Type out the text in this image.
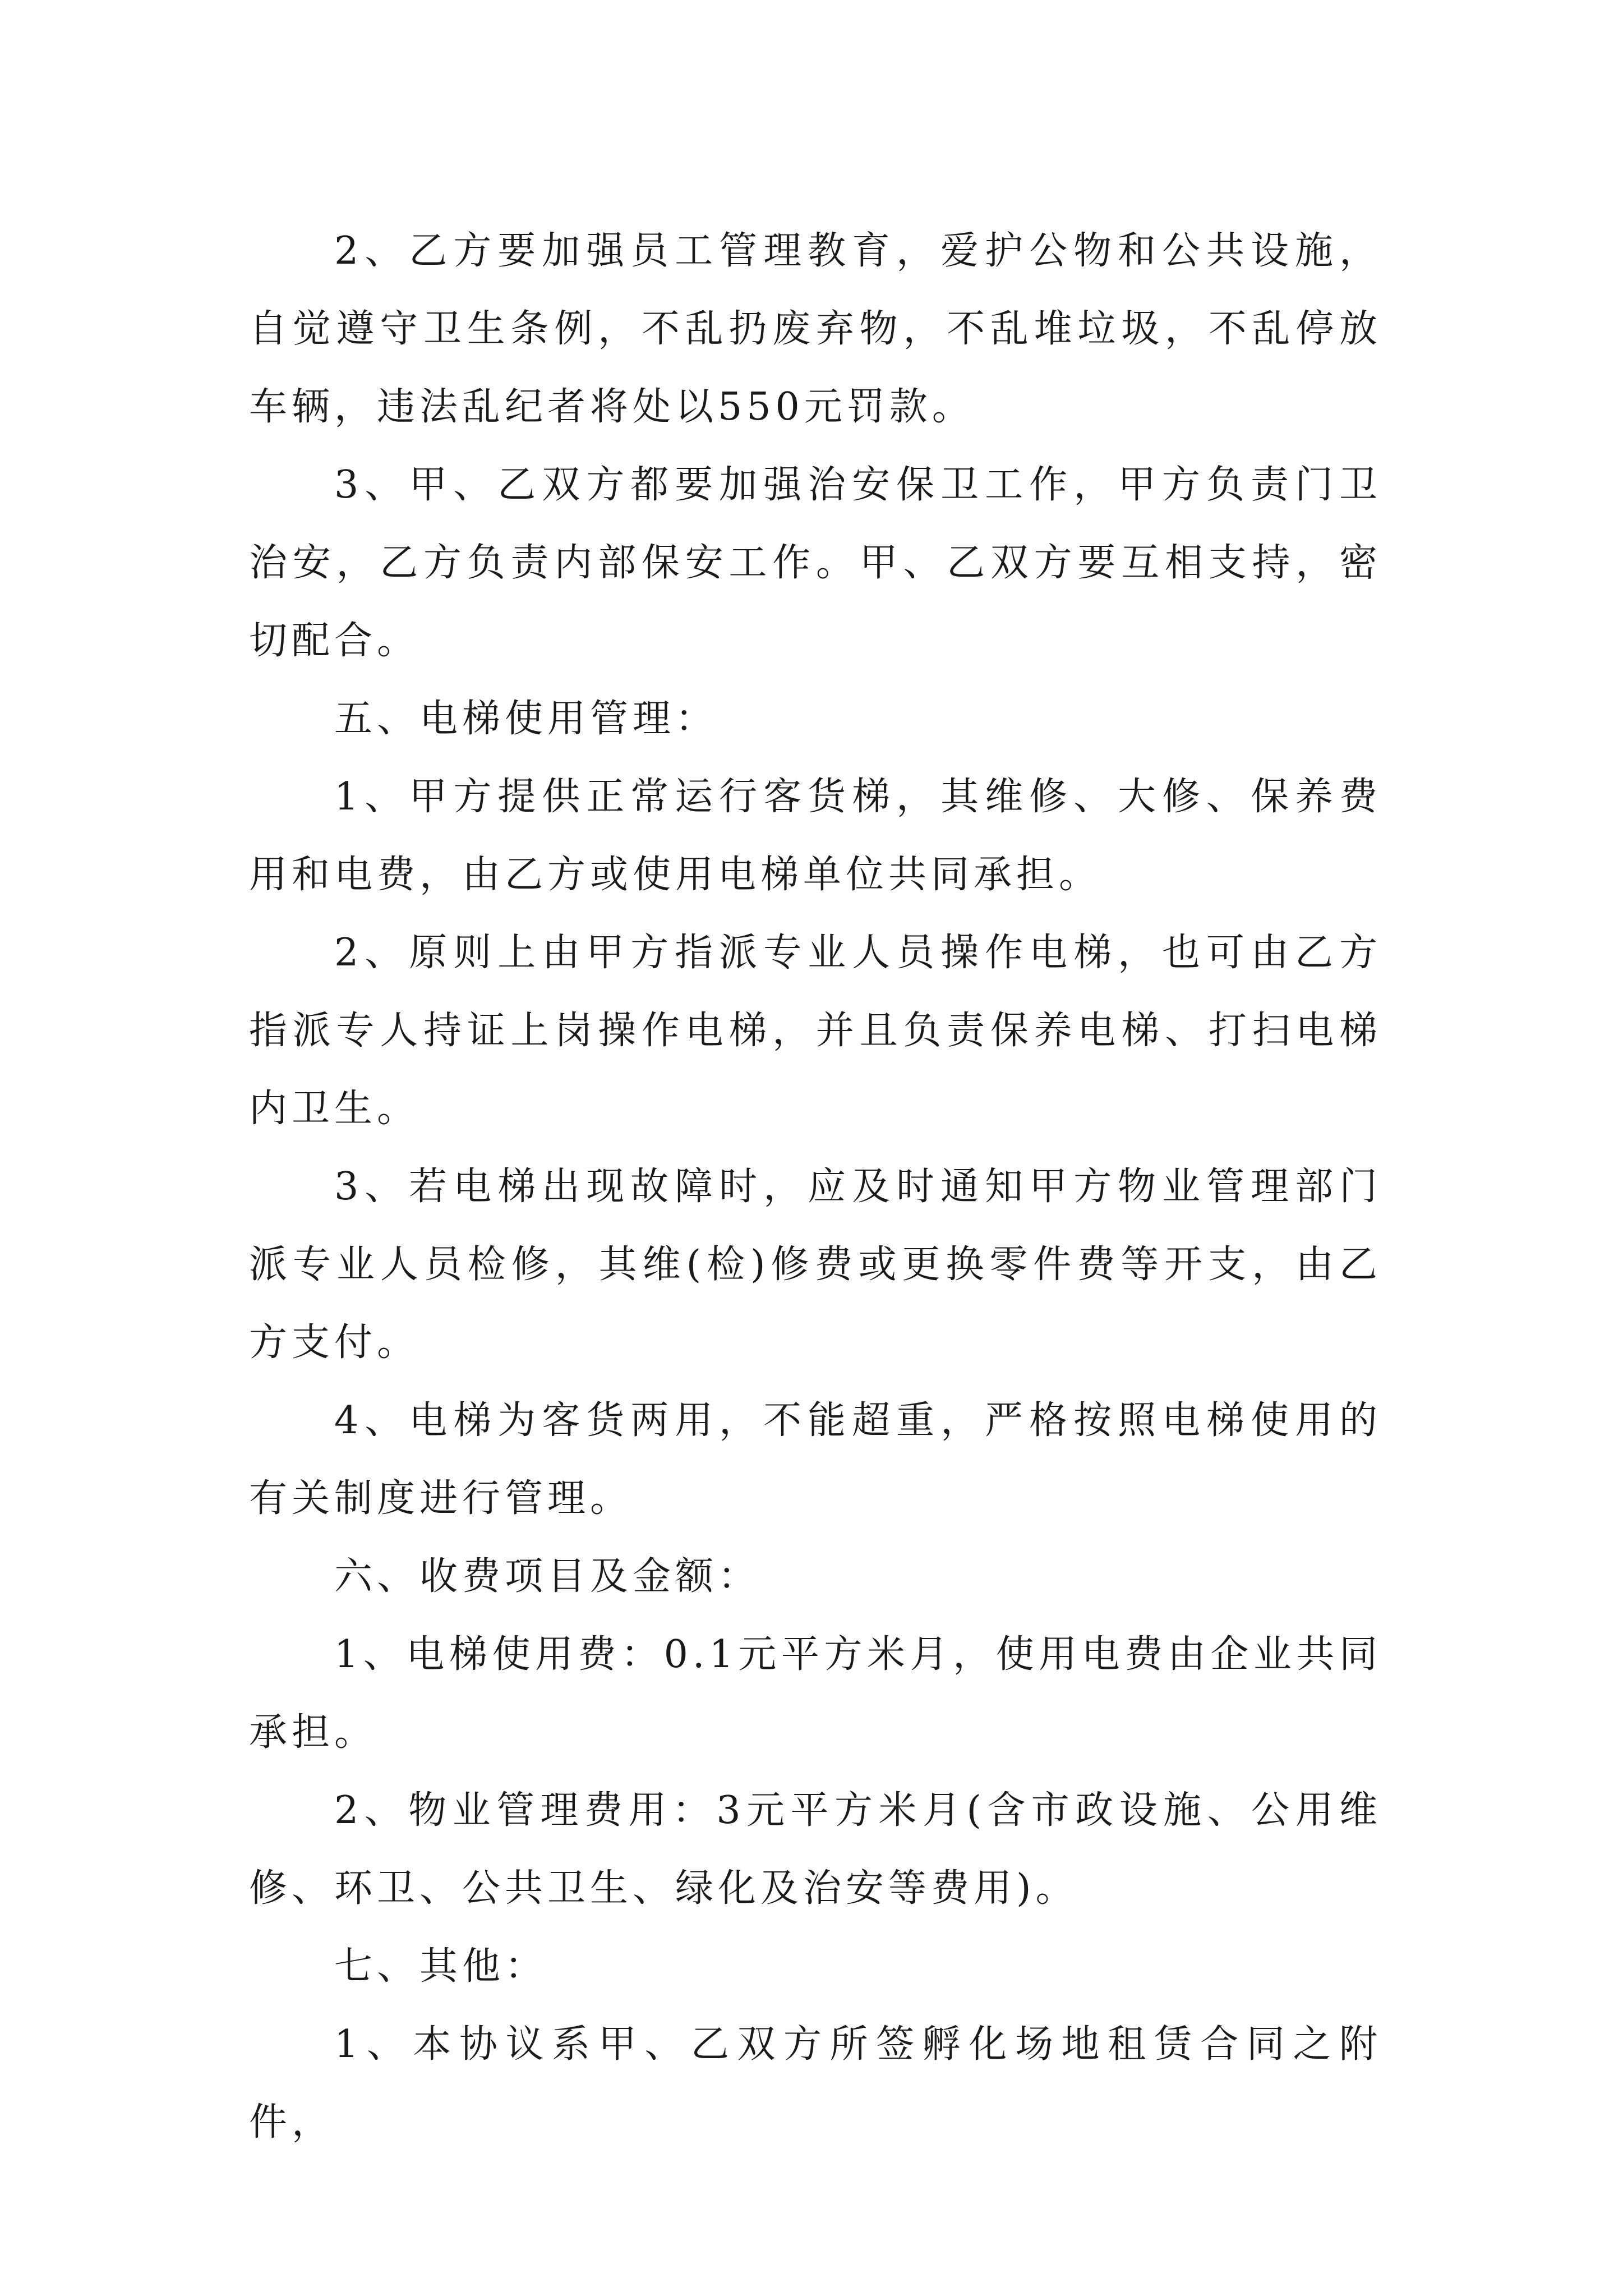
2、乙方要加强员工管理教育，爱护公物和公共设施，自觉遵守卫生条例，不乱扔废弃物，不乱堆垃圾，不乱停放车辆，违法乱纪者将处以550元罚款。

3、甲、乙双方都要加强治安保卫工作，甲方负责门卫治安，乙方负责内部保安工作。甲、乙双方要互相支持，密切配合。

五、电梯使用管理：

1、甲方提供正常运行客货梯，其维修、大修、保养费用和电费，由乙方或使用电梯单位共同承担。

2、原则上由甲方指派专业人员操作电梯，也可由乙方指派专人持证上岗操作电梯，并且负责保养电梯、打扫电梯内卫生。

3、若电梯出现故障时，应及时通知甲方物业管理部门派专业人员检修，其维(检)修费或更换零件费等开支，由乙方支付。

4、电梯为客货两用，不能超重，严格按照电梯使用的有关制度进行管理。

六、收费项目及金额：

1、电梯使用费：0.1元平方米月，使用电费由企业共同承担。

2、物业管理费用：3元平方米月(含市政设施、公用维修、环卫、公共卫生、绿化及治安等费用)。

七、其他：

1、本协议系甲、乙双方所签孵化场地租赁合同之附件，
